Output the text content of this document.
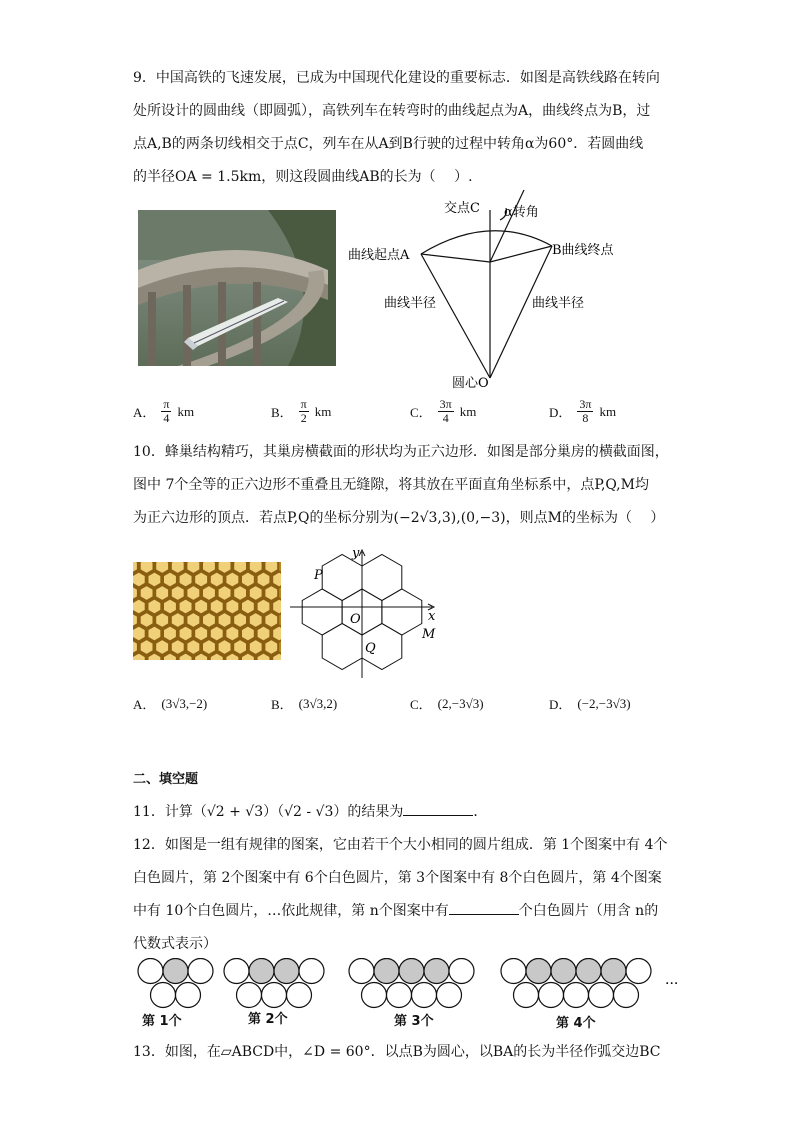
9．中国高铁的飞速发展，已成为中国现代化建设的重要标志．如图是高铁线路在转向
处所设计的圆曲线（即圆弧），高铁列车在转弯时的曲线起点为A，曲线终点为B，过
点A,B的两条切线相交于点C，列车在从A到B行驶的过程中转角α为60°．若圆曲线
的半径OA = 1.5km，则这段圆曲线AB的长为（　 ）.
交点C α转角
曲线起点A	B曲线终点
曲线半径	曲线半径
圆心O
A． $\frac{\pi}{4}$ km	B． $\frac{\pi}{2}$ km	C． $\frac{3\pi}{4}$ km	D． $\frac{3\pi}{8}$ km
10．蜂巢结构精巧，其巢房横截面的形状均为正六边形．如图是部分巢房的横截面图，
图中 7个全等的正六边形不重叠且无缝隙，将其放在平面直角坐标系中，点P,Q,M均
为正六边形的顶点．若点P,Q的坐标分别为(−2√3,3),(0,−3)，则点M的坐标为（　 ）
y
x
P
O
Q
M
A． (3√3,−2)	B． (3√3,2)	C． (2,−3√3)	D． (−2,−3√3)
二、填空题
11．计算（√2 + √3）（√2 - √3）的结果为	．
12．如图是一组有规律的图案，它由若干个大小相同的圆片组成．第 1个图案中有 4个
白色圆片，第 2个图案中有 6个白色圆片，第 3个图案中有 8个白色圆片，第 4个图案
中有 10个白色圆片，…依此规律，第 n个图案中有	个白色圆片（用含 n的
代数式表示）
···
第 1个	第 2个	第 3个	第 4个
13．如图，在▱ABCD中，∠D = 60°．以点B为圆心，以BA的长为半径作弧交边BC
